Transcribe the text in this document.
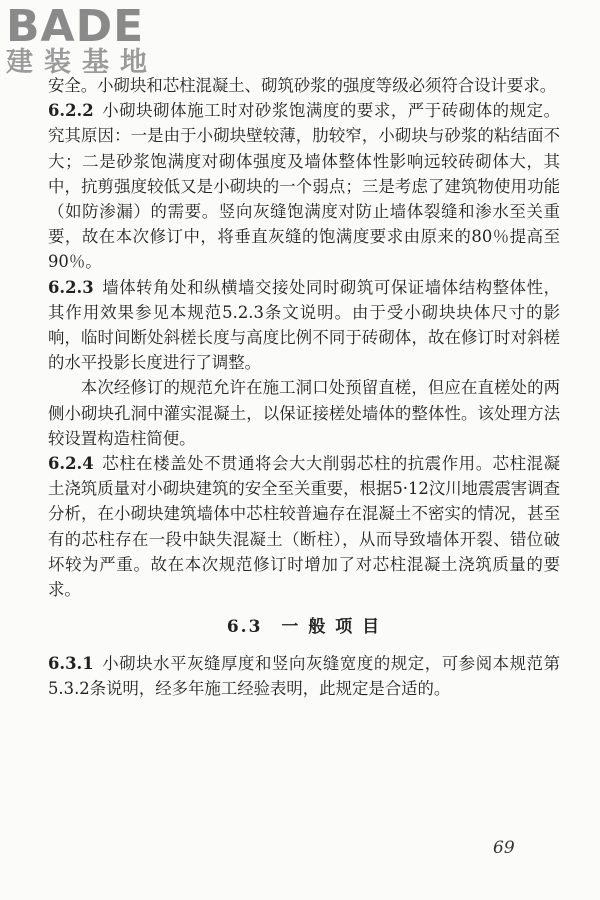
BADE
建装基地

安全。小砌块和芯柱混凝土、砌筑砂浆的强度等级必须符合设计要求。

6.2.2 小砌块砌体施工时对砂浆饱满度的要求，严于砖砌体的规定。究其原因：一是由于小砌块壁较薄，肋较窄，小砌块与砂浆的粘结面不大；二是砂浆饱满度对砌体强度及墙体整体性影响远较砖砌体大，其中，抗剪强度较低又是小砌块的一个弱点；三是考虑了建筑物使用功能（如防渗漏）的需要。竖向灰缝饱满度对防止墙体裂缝和渗水至关重要，故在本次修订中，将垂直灰缝的饱满度要求由原来的80％提高至90％。

6.2.3 墙体转角处和纵横墙交接处同时砌筑可保证墙体结构整体性，其作用效果参见本规范5.2.3条文说明。由于受小砌块块体尺寸的影响，临时间断处斜槎长度与高度比例不同于砖砌体，故在修订时对斜槎的水平投影长度进行了调整。

本次经修订的规范允许在施工洞口处预留直槎，但应在直槎处的两侧小砌块孔洞中灌实混凝土，以保证接槎处墙体的整体性。该处理方法较设置构造柱简便。

6.2.4 芯柱在楼盖处不贯通将会大大削弱芯柱的抗震作用。芯柱混凝土浇筑质量对小砌块建筑的安全至关重要，根据5·12汶川地震震害调查分析，在小砌块建筑墙体中芯柱较普遍存在混凝土不密实的情况，甚至有的芯柱存在一段中缺失混凝土（断柱），从而导致墙体开裂、错位破坏较为严重。故在本次规范修订时增加了对芯柱混凝土浇筑质量的要求。

6.3　一 般 项 目

6.3.1 小砌块水平灰缝厚度和竖向灰缝宽度的规定，可参阅本规范第5.3.2条说明，经多年施工经验表明，此规定是合适的。

69
